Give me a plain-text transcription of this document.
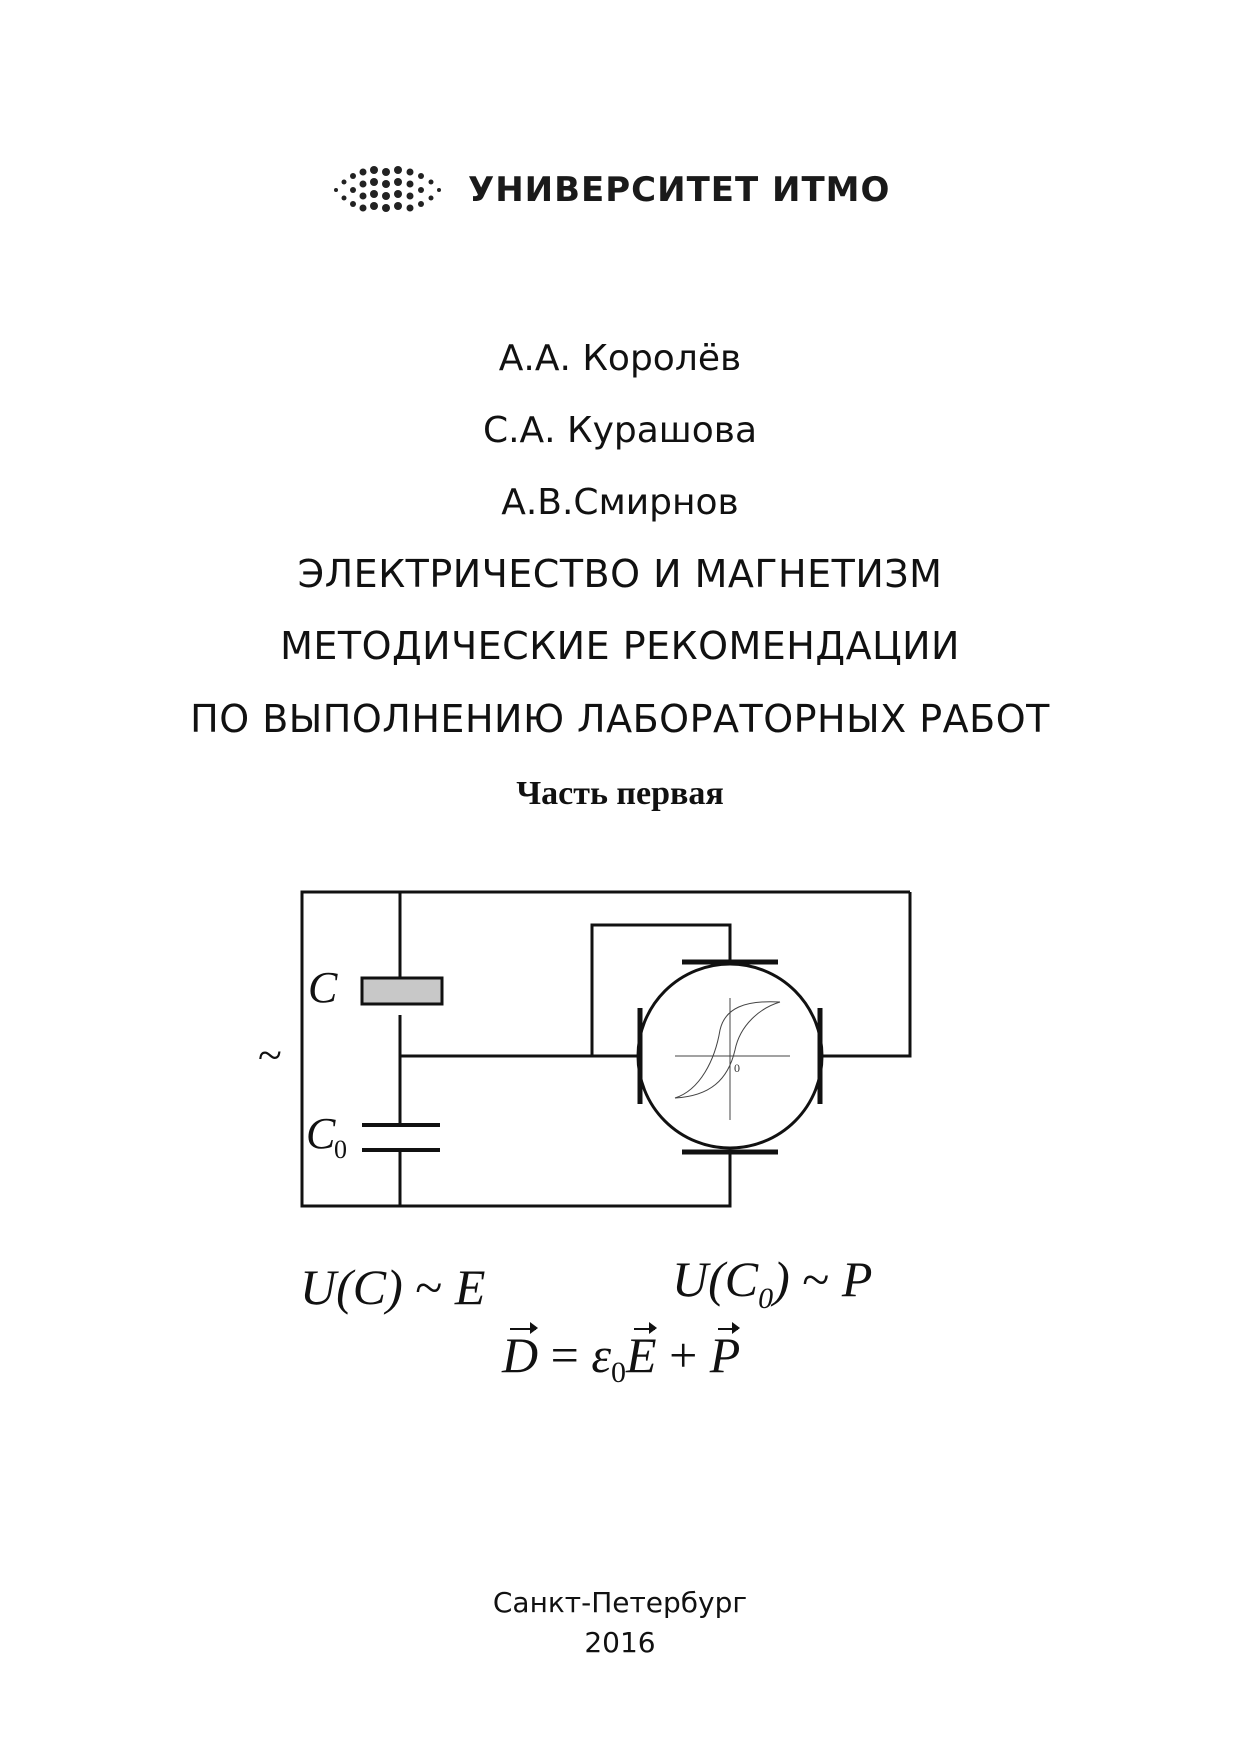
УНИВЕРСИТЕТ ИТМО
А.А. Королёв
С.А. Курашова
А.В.Смирнов
ЭЛЕКТРИЧЕСТВО И МАГНЕТИЗМ
МЕТОДИЧЕСКИЕ РЕКОМЕНДАЦИИ
ПО ВЫПОЛНЕНИЮ ЛАБОРАТОРНЫХ РАБОТ
Часть первая
0
C
C
0
~
U(C) ~ E	$U(C_0)$ ~ P
$D = \varepsilon_0E + P$
Санкт-Петербург
2016
